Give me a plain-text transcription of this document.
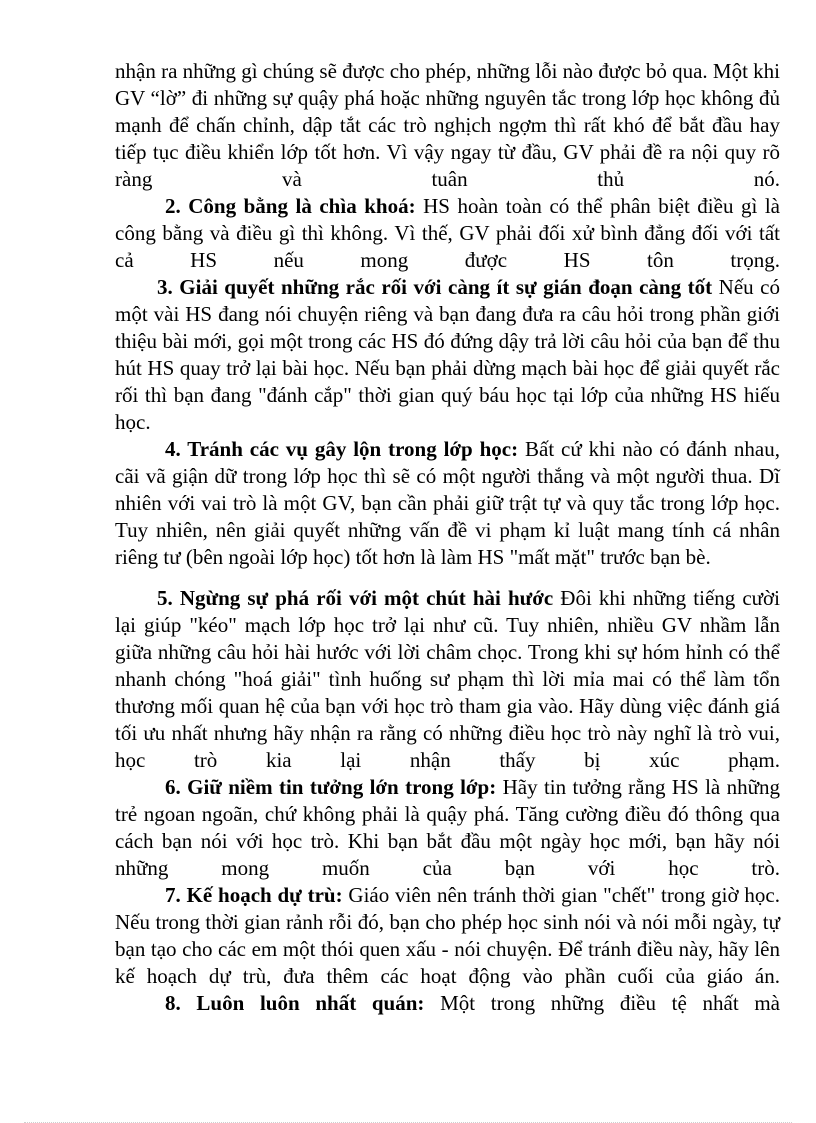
nhận ra những gì chúng sẽ được cho phép, những lỗi nào được bỏ qua. Một khi GV “lờ” đi những sự quậy phá hoặc những nguyên tắc trong lớp học không đủ mạnh để chấn chỉnh, dập tắt các trò nghịch ngợm thì rất khó để bắt đầu hay tiếp tục điều khiển lớp tốt hơn. Vì vậy ngay từ đầu, GV phải đề ra nội quy rõ ràng và tuân thủ nó.

2. Công bằng là chìa khoá: HS hoàn toàn có thể phân biệt điều gì là công bằng và điều gì thì không. Vì thế, GV phải đối xử bình đẳng đối với tất cả HS nếu mong được HS tôn trọng.

3. Giải quyết những rắc rối với càng ít sự gián đoạn càng tốt Nếu có một vài HS đang nói chuyện riêng và bạn đang đưa ra câu hỏi trong phần giới thiệu bài mới, gọi một trong các HS đó đứng dậy trả lời câu hỏi của bạn để thu hút HS quay trở lại bài học. Nếu bạn phải dừng mạch bài học để giải quyết rắc rối thì bạn đang "đánh cắp" thời gian quý báu học tại lớp của những HS hiếu học.

4. Tránh các vụ gây lộn trong lớp học: Bất cứ khi nào có đánh nhau, cãi vã giận dữ trong lớp học thì sẽ có một người thắng và một người thua. Dĩ nhiên với vai trò là một GV, bạn cần phải giữ trật tự và quy tắc trong lớp học. Tuy nhiên, nên giải quyết những vấn đề vi phạm kỉ luật mang tính cá nhân riêng tư (bên ngoài lớp học) tốt hơn là làm HS "mất mặt" trước bạn bè.

5. Ngừng sự phá rối với một chút hài hước Đôi khi những tiếng cười lại giúp "kéo" mạch lớp học trở lại như cũ. Tuy nhiên, nhiều GV nhầm lẫn giữa những câu hỏi hài hước với lời châm chọc. Trong khi sự hóm hỉnh có thể nhanh chóng "hoá giải" tình huống sư phạm thì lời mỉa mai có thể làm tổn thương mối quan hệ của bạn với học trò tham gia vào. Hãy dùng việc đánh giá tối ưu nhất nhưng hãy nhận ra rằng có những điều học trò này nghĩ là trò vui, học trò kia lại nhận thấy bị xúc phạm.

6. Giữ niềm tin tưởng lớn trong lớp: Hãy tin tưởng rằng HS là những trẻ ngoan ngoãn, chứ không phải là quậy phá. Tăng cường điều đó thông qua cách bạn nói với học trò. Khi bạn bắt đầu một ngày học mới, bạn hãy nói những mong muốn của bạn với học trò.

7. Kế hoạch dự trù: Giáo viên nên tránh thời gian "chết" trong giờ học. Nếu trong thời gian rảnh rỗi đó, bạn cho phép học sinh nói và nói mỗi ngày, tự bạn tạo cho các em một thói quen xấu - nói chuyện. Để tránh điều này, hãy lên kế hoạch dự trù, đưa thêm các hoạt động vào phần cuối của giáo án.

8. Luôn luôn nhất quán: Một trong những điều tệ nhất mà
